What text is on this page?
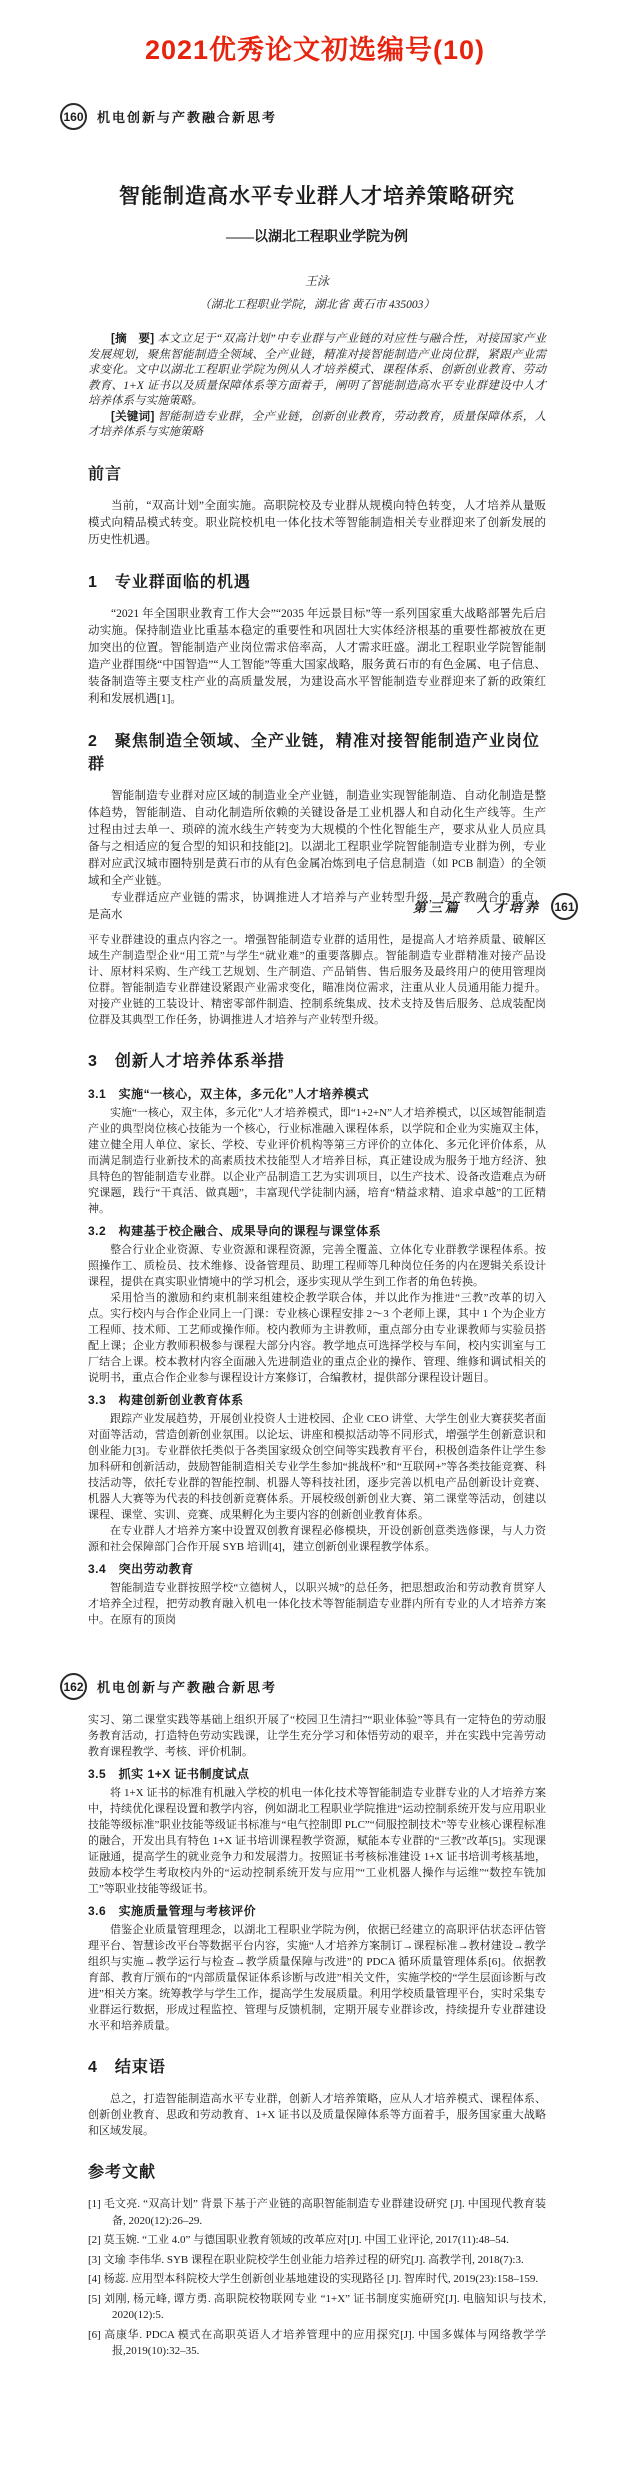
2021优秀论文初选编号(10)
160 机电创新与产教融合新思考
智能制造高水平专业群人才培养策略研究
——以湖北工程职业学院为例
王泳
（湖北工程职业学院，湖北省 黄石市 435003）

[摘　要] 本文立足于“双高计划”中专业群与产业链的对应性与融合性，对接国家产业发展规划，聚焦智能制造全领域、全产业链，精准对接智能制造产业岗位群，紧跟产业需求变化。文中以湖北工程职业学院为例从人才培养模式、课程体系、创新创业教育、劳动教育、1+X 证书以及质量保障体系等方面着手，阐明了智能制造高水平专业群建设中人才培养体系与实施策略。

[关键词] 智能制造专业群，全产业链，创新创业教育，劳动教育，质量保障体系，人才培养体系与实施策略

前言

当前，“双高计划”全面实施。高职院校及专业群从规模向特色转变，人才培养从量贩模式向精品模式转变。职业院校机电一体化技术等智能制造相关专业群迎来了创新发展的历史性机遇。

1　专业群面临的机遇

“2021 年全国职业教育工作大会”“2035 年远景目标”等一系列国家重大战略部署先后启动实施。保持制造业比重基本稳定的重要性和巩固壮大实体经济根基的重要性都被放在更加突出的位置。智能制造产业岗位需求倍率高，人才需求旺盛。湖北工程职业学院智能制造产业群围绕“中国智造”“人工智能”等重大国家战略，服务黄石市的有色金属、电子信息、装备制造等主要支柱产业的高质量发展，为建设高水平智能制造专业群迎来了新的政策红利和发展机遇[1]。

2　聚焦制造全领域、全产业链，精准对接智能制造产业岗位群

智能制造专业群对应区域的制造业全产业链，制造业实现智能制造、自动化制造是整体趋势，智能制造、自动化制造所依赖的关键设备是工业机器人和自动化生产线等。生产过程由过去单一、琐碎的流水线生产转变为大规模的个性化智能生产，要求从业人员应具备与之相适应的复合型的知识和技能[2]。以湖北工程职业学院智能制造专业群为例，专业群对应武汉城市圈特别是黄石市的从有色金属冶炼到电子信息制造（如 PCB 制造）的全领域和全产业链。

专业群适应产业链的需求，协调推进人才培养与产业转型升级，是产教融合的重点，是高水	第三篇　人才培养 161

平专业群建设的重点内容之一。增强智能制造专业群的适用性，是提高人才培养质量、破解区域生产制造型企业“用工荒”与学生“就业难”的重要落脚点。智能制造专业群精准对接产品设计、原材料采购、生产线工艺规划、生产制造、产品销售、售后服务及最终用户的使用管理岗位群。智能制造专业群建设紧跟产业需求变化，瞄准岗位需求，注重从业人员通用能力提升。对接产业链的工装设计、精密零部件制造、控制系统集成、技术支持及售后服务、总成装配岗位群及其典型工作任务，协调推进人才培养与产业转型升级。

3　创新人才培养体系举措
3.1　实施“一核心，双主体，多元化”人才培养模式

实施“一核心，双主体，多元化”人才培养模式，即“1+2+N”人才培养模式，以区域智能制造产业的典型岗位核心技能为一个核心，行业标准融入课程体系，以学院和企业为实施双主体，建立健全用人单位、家长、学校、专业评价机构等第三方评价的立体化、多元化评价体系，从而满足制造行业新技术的高素质技术技能型人才培养目标，真正建设成为服务于地方经济、独具特色的智能制造专业群。以企业产品制造工艺为实训项目，以生产技术、设备改造难点为研究课题，践行“干真活、做真题”，丰富现代学徒制内涵，培育“精益求精、追求卓越”的工匠精神。

3.2　构建基于校企融合、成果导向的课程与课堂体系

整合行业企业资源、专业资源和课程资源，完善全覆盖、立体化专业群教学课程体系。按照操作工、质检员、技术维修、设备管理员、助理工程师等几种岗位任务的内在逻辑关系设计课程，提供在真实职业情境中的学习机会，逐步实现从学生到工作者的角色转换。

采用恰当的激励和约束机制来组建校企教学联合体，并以此作为推进“三教”改革的切入点。实行校内与合作企业同上一门课：专业核心课程安排 2～3 个老师上课，其中 1 个为企业方工程师、技术师、工艺师或操作师。校内教师为主讲教师，重点部分由专业课教师与实验员搭配上课；企业方教师积极参与课程大部分内容。教学地点可选择学校与车间，校内实训室与工厂结合上课。校本教材内容全面融入先进制造业的重点企业的操作、管理、维修和调试相关的说明书，重点合作企业参与课程设计方案修订，合编教材，提供部分课程设计题目。

3.3　构建创新创业教育体系

跟踪产业发展趋势，开展创业投资人士进校园、企业 CEO 讲堂、大学生创业大赛获奖者面对面等活动，营造创新创业氛围。以论坛、讲座和模拟活动等不同形式，增强学生创新意识和创业能力[3]。专业群依托类似于各类国家级众创空间等实践教育平台，积极创造条件让学生参加科研和创新活动，鼓励智能制造相关专业学生参加“挑战杯”和“互联网+”等各类技能竞赛、科技活动等，依托专业群的智能控制、机器人等科技社团，逐步完善以机电产品创新设计竞赛、机器人大赛等为代表的科技创新竞赛体系。开展校级创新创业大赛、第二课堂等活动，创建以课程、课堂、实训、竞赛、成果孵化为主要内容的创新创业教育体系。

在专业群人才培养方案中设置双创教育课程必修模块，开设创新创意类选修课，与人力资源和社会保障部门合作开展 SYB 培训[4]，建立创新创业课程教学体系。

3.4　突出劳动教育

智能制造专业群按照学校“立德树人，以职兴城”的总任务，把思想政治和劳动教育贯穿人才培养全过程，把劳动教育融入机电一体化技术等智能制造专业群内所有专业的人才培养方案中。在原有的顶岗

162 机电创新与产教融合新思考

实习、第二课堂实践等基础上组织开展了“校园卫生清扫”“职业体验”等具有一定特色的劳动服务教育活动，打造特色劳动实践课，让学生充分学习和体悟劳动的艰辛，并在实践中完善劳动教育课程教学、考核、评价机制。

3.5　抓实 1+X 证书制度试点

将 1+X 证书的标准有机融入学校的机电一体化技术等智能制造专业群专业的人才培养方案中，持续优化课程设置和教学内容，例如湖北工程职业学院推进“运动控制系统开发与应用职业技能等级标准”职业技能等级证书标准与“电气控制即 PLC”“伺服控制技术”等专业核心课程标准的融合，开发出具有特色 1+X 证书培训课程教学资源，赋能本专业群的“三教”改革[5]。实现课证融通，提高学生的就业竞争力和发展潜力。按照证书考核标准建设 1+X 证书培训考核基地，鼓励本校学生考取校内外的“运动控制系统开发与应用”“工业机器人操作与运维”“数控车铣加工”等职业技能等级证书。

3.6　实施质量管理与考核评价

借鉴企业质量管理理念，以湖北工程职业学院为例，依据已经建立的高职评估状态评估管理平台、智慧诊改平台等数据平台内容，实施“人才培养方案制订→课程标准→教材建设→教学组织与实施→教学运行与检查→教学质量保障与改进”的 PDCA 循环质量管理体系[6]。依据教育部、教育厅颁布的“内部质量保证体系诊断与改进”相关文件，实施学校的“学生层面诊断与改进”相关方案。统筹教学与学生工作，提高学生发展质量。利用学校质量管理平台，实时采集专业群运行数据，形成过程监控、管理与反馈机制，定期开展专业群诊改，持续提升专业群建设水平和培养质量。

4　结束语

总之，打造智能制造高水平专业群，创新人才培养策略，应从人才培养模式、课程体系、创新创业教育、思政和劳动教育、1+X 证书以及质量保障体系等方面着手，服务国家重大战略和区域发展。

参考文献

[1] 毛文亮. “双高计划” 背景下基于产业链的高职智能制造专业群建设研究 [J]. 中国现代教育装备, 2020(12):26–29.

[2] 莫玉婉. “工业 4.0” 与德国职业教育领域的改革应对[J]. 中国工业评论, 2017(11):48–54.

[3] 文瑜 李伟华. SYB 课程在职业院校学生创业能力培养过程的研究[J]. 高教学刊, 2018(7):3.

[4] 杨蕊. 应用型本科院校大学生创新创业基地建设的实现路径 [J]. 智库时代, 2019(23):158–159.

[5] 刘刚, 杨元峰, 谭方勇. 高职院校物联网专业 “1+X” 证书制度实施研究[J]. 电脑知识与技术, 2020(12):5.

[6] 高康华. PDCA 模式在高职英语人才培养管理中的应用探究[J]. 中国多媒体与网络教学学报,2019(10):32–35.
